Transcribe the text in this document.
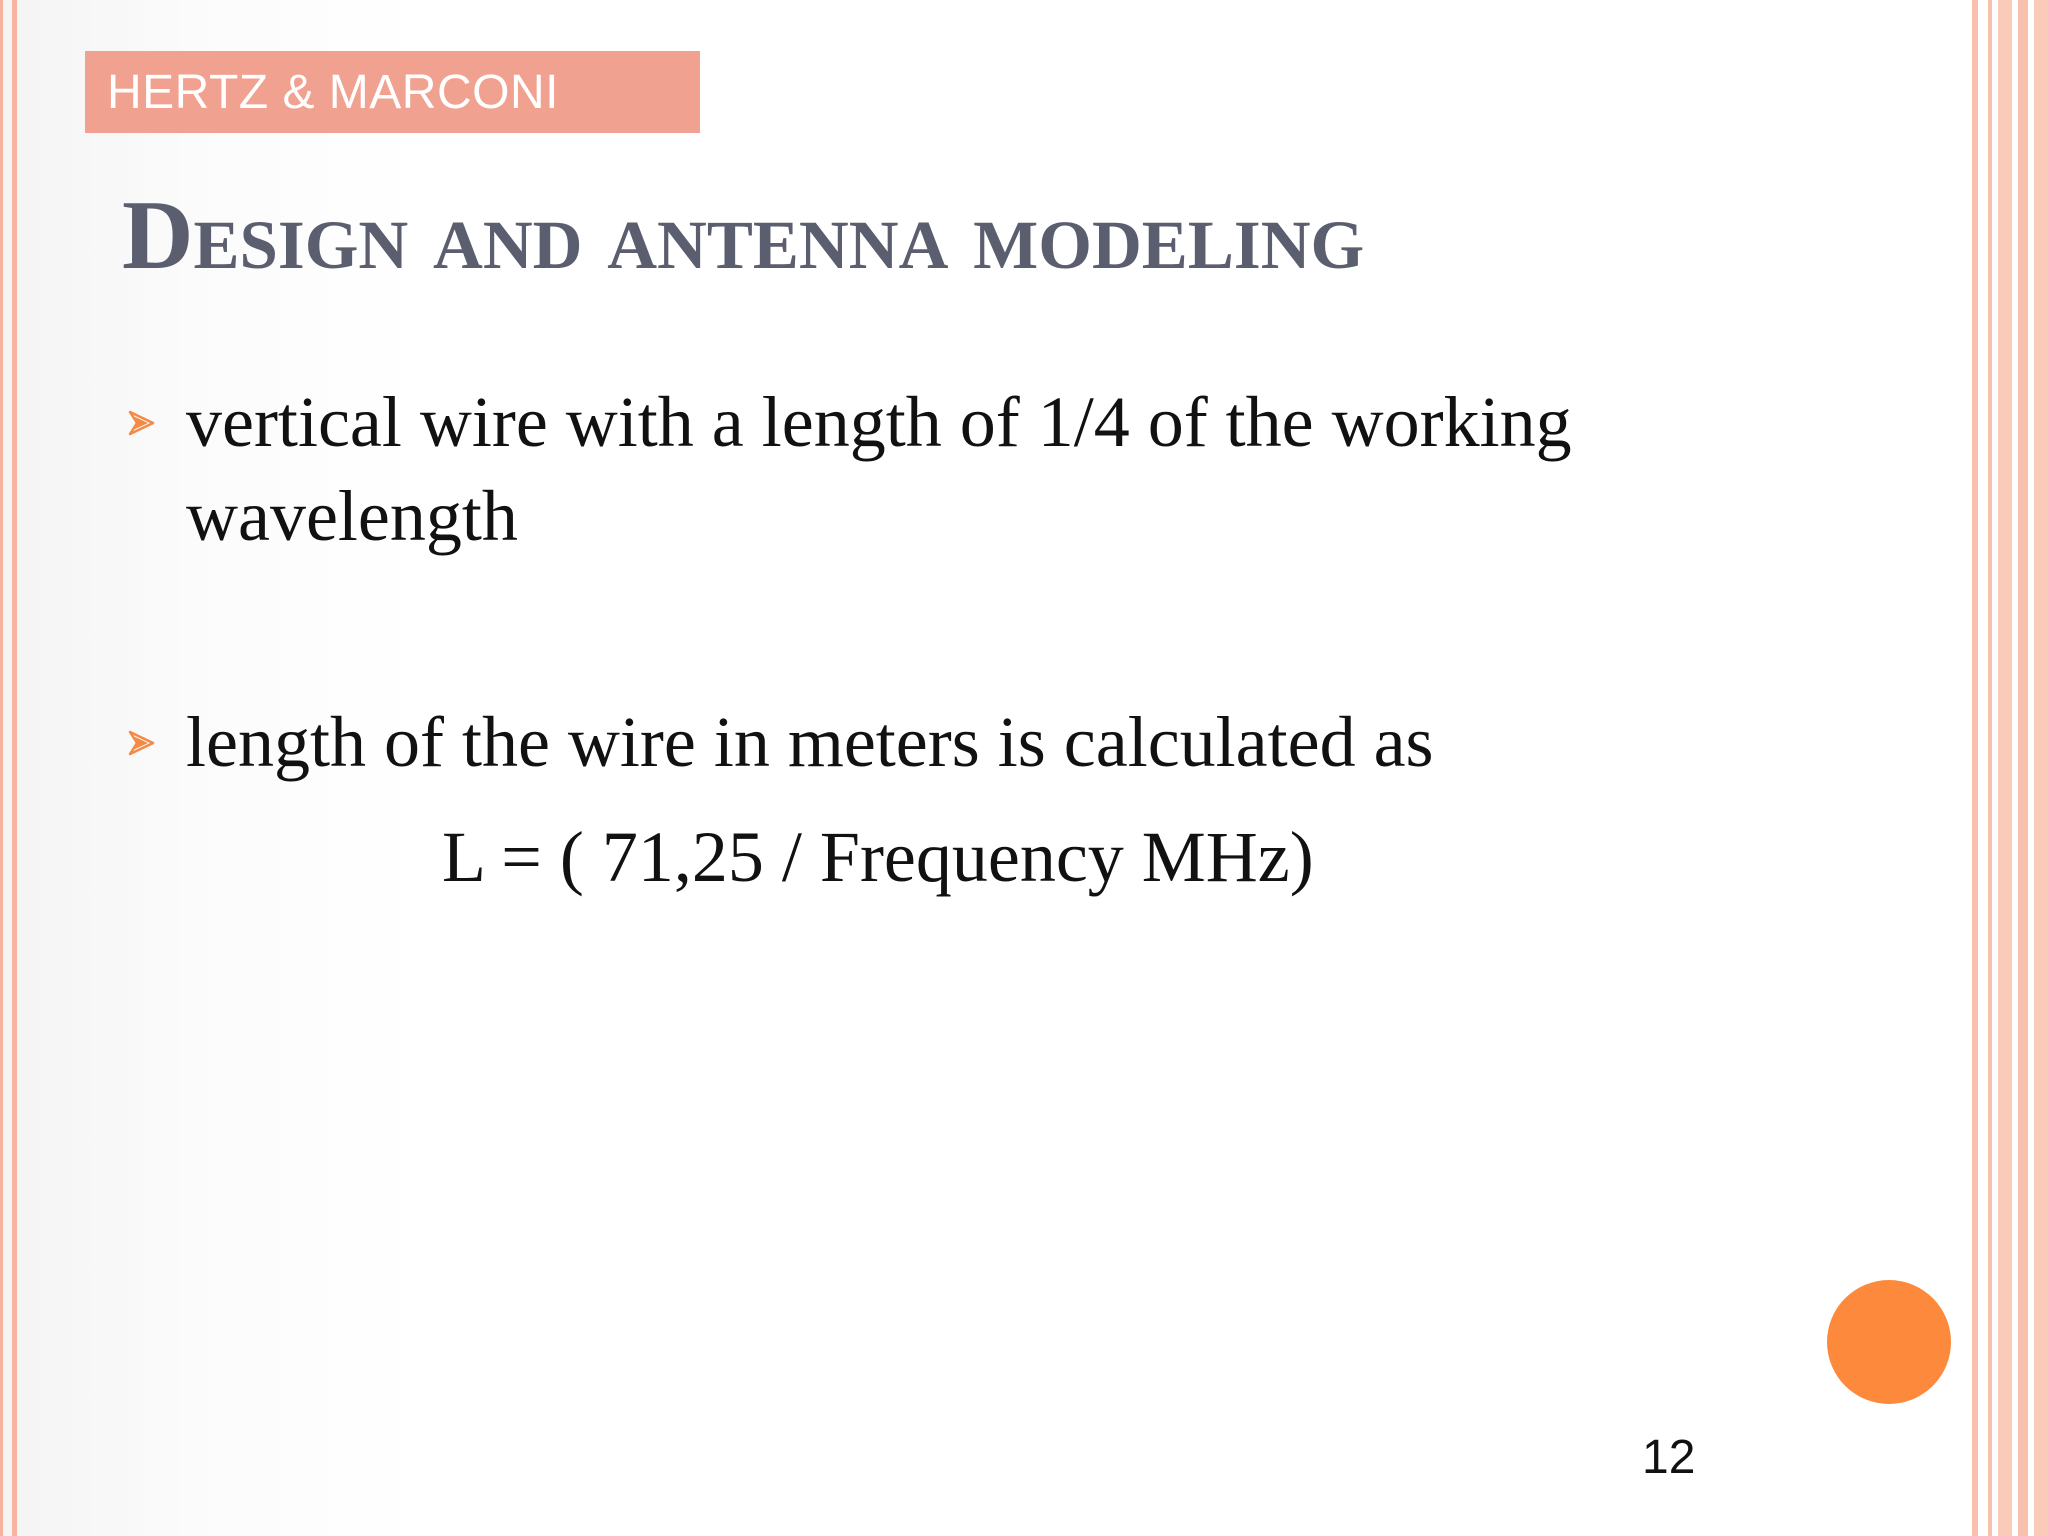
HERTZ & MARCONI
Design and antenna modeling
vertical wire with a length of 1/4 of the working wavelength
length of the wire in meters is calculated as
L = ( 71,25 / Frequency MHz)
12
